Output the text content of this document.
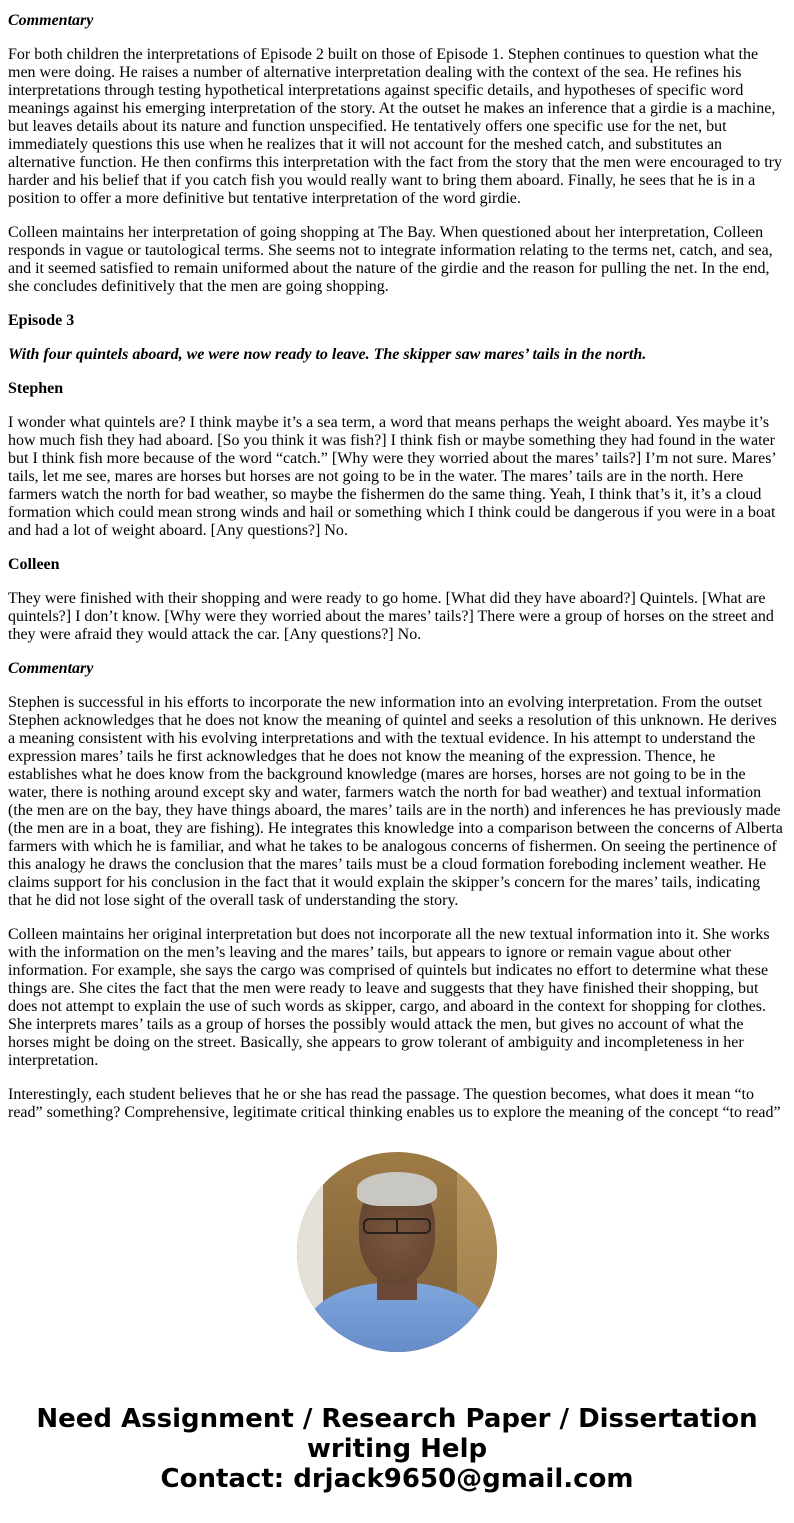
Commentary

For both children the interpretations of Episode 2 built on those of Episode 1. Stephen continues to question what the men were doing. He raises a number of alternative interpretation dealing with the context of the sea. He refines his interpretations through testing hypothetical interpretations against specific details, and hypotheses of specific word meanings against his emerging interpretation of the story. At the outset he makes an inference that a girdie is a machine, but leaves details about its nature and function unspecified. He tentatively offers one specific use for the net, but immediately questions this use when he realizes that it will not account for the meshed catch, and substitutes an alternative function. He then confirms this interpretation with the fact from the story that the men were encouraged to try harder and his belief that if you catch fish you would really want to bring them aboard. Finally, he sees that he is in a position to offer a more definitive but tentative interpretation of the word girdie.

Colleen maintains her interpretation of going shopping at The Bay. When questioned about her interpretation, Colleen responds in vague or tautological terms. She seems not to integrate information relating to the terms net, catch, and sea, and it seemed satisfied to remain uniformed about the nature of the girdie and the reason for pulling the net. In the end, she concludes definitively that the men are going shopping.

Episode 3

With four quintels aboard, we were now ready to leave. The skipper saw mares’ tails in the north.

Stephen

I wonder what quintels are? I think maybe it’s a sea term, a word that means perhaps the weight aboard. Yes maybe it’s how much fish they had aboard. [So you think it was fish?] I think fish or maybe something they had found in the water but I think fish more because of the word “catch.” [Why were they worried about the mares’ tails?] I’m not sure. Mares’ tails, let me see, mares are horses but horses are not going to be in the water. The mares’ tails are in the north. Here farmers watch the north for bad weather, so maybe the fishermen do the same thing. Yeah, I think that’s it, it’s a cloud formation which could mean strong winds and hail or something which I think could be dangerous if you were in a boat and had a lot of weight aboard. [Any questions?] No.

Colleen

They were finished with their shopping and were ready to go home. [What did they have aboard?] Quintels. [What are quintels?] I don’t know. [Why were they worried about the mares’ tails?] There were a group of horses on the street and they were afraid they would attack the car. [Any questions?] No.

Commentary

Stephen is successful in his efforts to incorporate the new information into an evolving interpretation. From the outset Stephen acknowledges that he does not know the meaning of quintel and seeks a resolution of this unknown. He derives a meaning consistent with his evolving interpretations and with the textual evidence. In his attempt to understand the expression mares’ tails he first acknowledges that he does not know the meaning of the expression. Thence, he establishes what he does know from the background knowledge (mares are horses, horses are not going to be in the water, there is nothing around except sky and water, farmers watch the north for bad weather) and textual information (the men are on the bay, they have things aboard, the mares’ tails are in the north) and inferences he has previously made (the men are in a boat, they are fishing). He integrates this knowledge into a comparison between the concerns of Alberta farmers with which he is familiar, and what he takes to be analogous concerns of fishermen. On seeing the pertinence of this analogy he draws the conclusion that the mares’ tails must be a cloud formation foreboding inclement weather. He claims support for his conclusion in the fact that it would explain the skipper’s concern for the mares’ tails, indicating that he did not lose sight of the overall task of understanding the story.

Colleen maintains her original interpretation but does not incorporate all the new textual information into it. She works with the information on the men’s leaving and the mares’ tails, but appears to ignore or remain vague about other information. For example, she says the cargo was comprised of quintels but indicates no effort to determine what these things are. She cites the fact that the men were ready to leave and suggests that they have finished their shopping, but does not attempt to explain the use of such words as skipper, cargo, and aboard in the context for shopping for clothes. She interprets mares’ tails as a group of horses the possibly would attack the men, but gives no account of what the horses might be doing on the street. Basically, she appears to grow tolerant of ambiguity and incompleteness in her interpretation.

Interestingly, each student believes that he or she has read the passage. The question becomes, what does it mean “to read” something? Comprehensive, legitimate critical thinking enables us to explore the meaning of the concept “to read”

Need Assignment / Research Paper / Dissertation
writing Help
Contact: drjack9650@gmail.com
